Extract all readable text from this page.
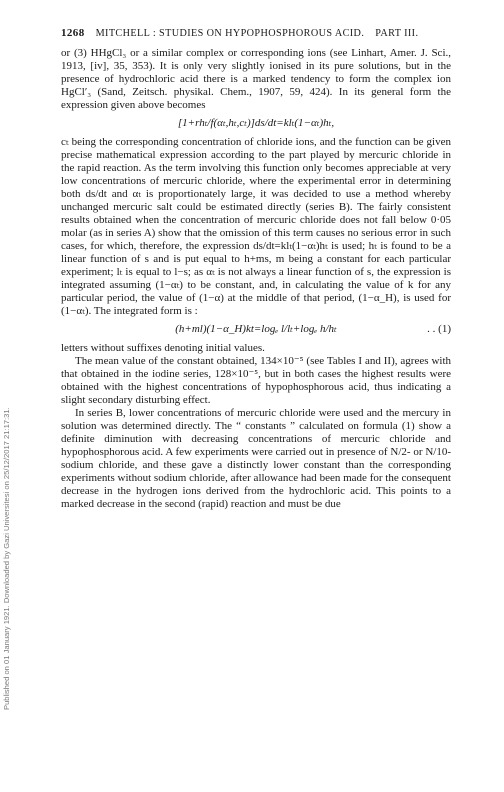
Published on 01 January 1921. Downloaded by Gazi Universitesi on 25/12/2017 21:17:31.
1268 MITCHELL : STUDIES ON HYPOPHOSPHOROUS ACID. PART III.

or (3) HHgCl₃ or a similar complex or corresponding ions (see Linhart, Amer. J. Sci., 1913, [iv], 35, 353). It is only very slightly ionised in its pure solutions, but in the presence of hydrochloric acid there is a marked tendency to form the complex ion HgCl′₃ (Sand, Zeitsch. physikal. Chem., 1907, 59, 424). In its general form the expression given above becomes

[1+rhₜ/f(αₜ,hₜ,cₜ)]ds/dt=klₜ(1−αₜ)hₜ,

cₜ being the corresponding concentration of chloride ions, and the function can be given precise mathematical expression according to the part played by mercuric chloride in the rapid reaction. As the term involving this function only becomes appreciable at very low concentrations of mercuric chloride, where the experimental error in determining both ds/dt and αₜ is proportionately large, it was decided to use a method whereby unchanged mercuric salt could be estimated directly (series B). The fairly consistent results obtained when the concentration of mercuric chloride does not fall below 0·05 molar (as in series A) show that the omission of this term causes no serious error in such cases, for which, therefore, the expression ds/dt=klₜ(1−αₜ)hₜ is used; hₜ is found to be a linear function of s and is put equal to h+ms, m being a constant for each particular experiment; lₜ is equal to l−s; as αₜ is not always a linear function of s, the expression is integrated assuming (1−αₜ) to be constant, and, in calculating the value of k for any particular period, the value of (1−α) at the middle of that period, (1−α_H), is used for (1−αₜ). The integrated form is :

(h+ml)(1−α_H)kt=logₑ l/lₜ+logₑ h/hₜ	. . (1)

letters without suffixes denoting initial values.

The mean value of the constant obtained, 134×10⁻⁵ (see Tables I and II), agrees with that obtained in the iodine series, 128×10⁻⁵, but in both cases the highest results were obtained with the highest concentrations of hypophosphorous acid, thus indicating a slight secondary disturbing effect.

In series B, lower concentrations of mercuric chloride were used and the mercury in solution was determined directly. The “ constants ” calculated on formula (1) show a definite diminution with decreasing concentrations of mercuric chloride and hypophosphorous acid. A few experiments were carried out in presence of N/2- or N/10-sodium chloride, and these gave a distinctly lower constant than the corresponding experiments without sodium chloride, after allowance had been made for the consequent decrease in the hydrogen ions derived from the hydrochloric acid. This points to a marked decrease in the second (rapid) reaction and must be due
